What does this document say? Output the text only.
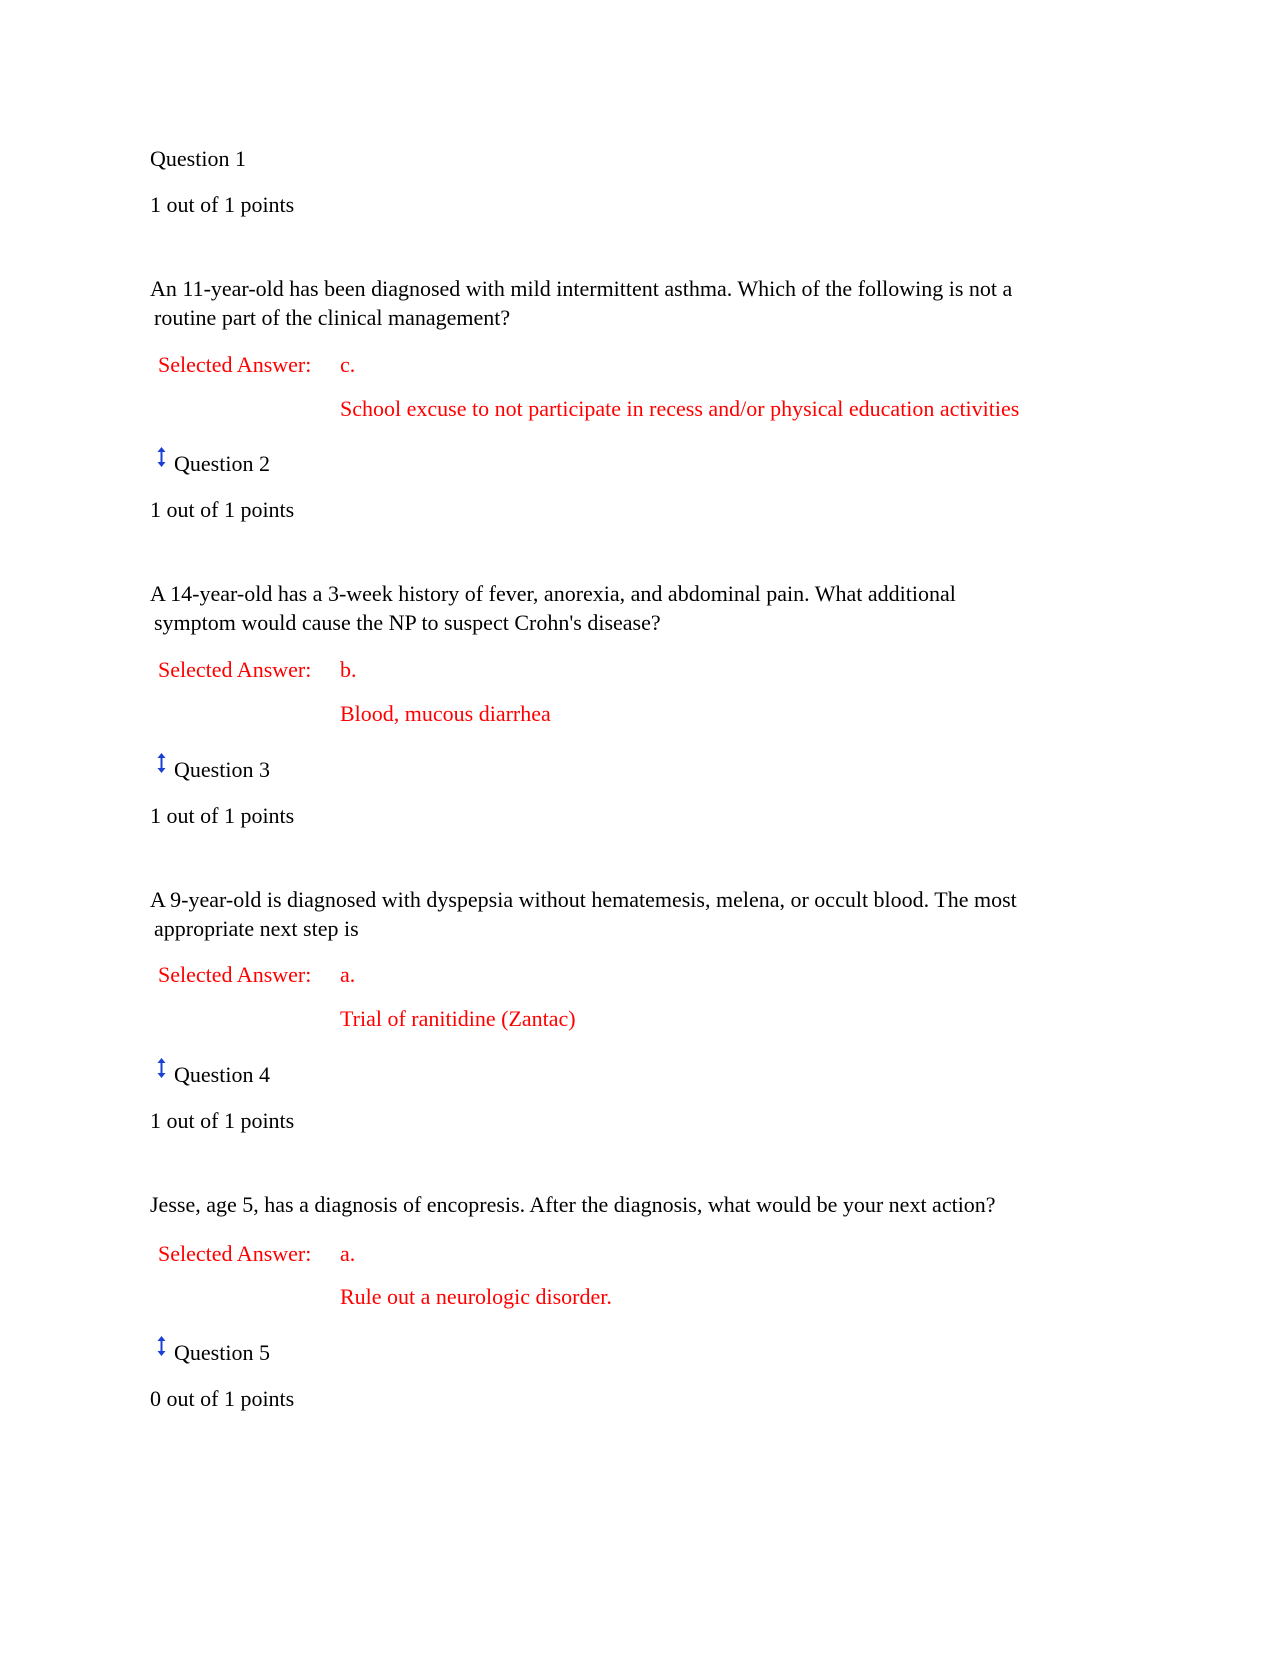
Question 1
1 out of 1 points
An 11-year-old has been diagnosed with mild intermittent asthma. Which of the following is not a
routine part of the clinical management?
Selected Answer: c.
School excuse to not participate in recess and/or physical education activities
Question 2
1 out of 1 points
A 14-year-old has a 3-week history of fever, anorexia, and abdominal pain. What additional
symptom would cause the NP to suspect Crohn's disease?
Selected Answer: b.
Blood, mucous diarrhea
Question 3
1 out of 1 points
A 9-year-old is diagnosed with dyspepsia without hematemesis, melena, or occult blood. The most
appropriate next step is
Selected Answer: a.
Trial of ranitidine (Zantac)
Question 4
1 out of 1 points
Jesse, age 5, has a diagnosis of encopresis. After the diagnosis, what would be your next action?
Selected Answer: a.
Rule out a neurologic disorder.
Question 5
0 out of 1 points
